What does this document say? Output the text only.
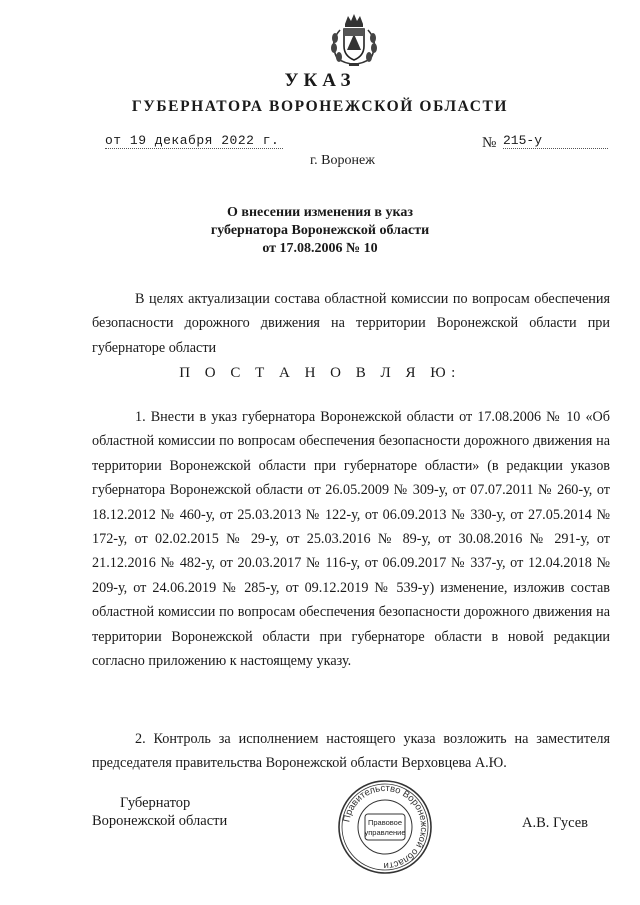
УКАЗ
ГУБЕРНАТОРА ВОРОНЕЖСКОЙ ОБЛАСТИ
от 19 декабря 2022 г.	№ 215-у
г. Воронеж
О внесении изменения в указ
губернатора Воронежской области
от 17.08.2006 № 10
В целях актуализации состава областной комиссии по вопросам обеспечения безопасности дорожного движения на территории Воронежской области при губернаторе области
П О С Т А Н О В Л Я Ю:
1. Внести в указ губернатора Воронежской области от 17.08.2006 № 10 «Об областной комиссии по вопросам обеспечения безопасности дорожного движения на территории Воронежской области при губернаторе области» (в редакции указов губернатора Воронежской области от 26.05.2009 № 309-у, от 07.07.2011 № 260-у, от 18.12.2012 № 460-у, от 25.03.2013 № 122-у, от 06.09.2013 № 330-у, от 27.05.2014 № 172-у, от 02.02.2015 № 29-у, от 25.03.2016 № 89-у, от 30.08.2016 № 291-у, от 21.12.2016 № 482-у, от 20.03.2017 № 116-у, от 06.09.2017 № 337-у, от 12.04.2018 № 209-у, от 24.06.2019 № 285-у, от 09.12.2019 № 539-у) изменение, изложив состав областной комиссии по вопросам обеспечения безопасности дорожного движения на территории Воронежской области при губернаторе области в новой редакции согласно приложению к настоящему указу.
2. Контроль за исполнением настоящего указа возложить на заместителя председателя правительства Воронежской области Верховцева А.Ю.
Губернатор
Воронежской области	Правительство Воронежской области
Правовое
управление
А.В. Гусев
